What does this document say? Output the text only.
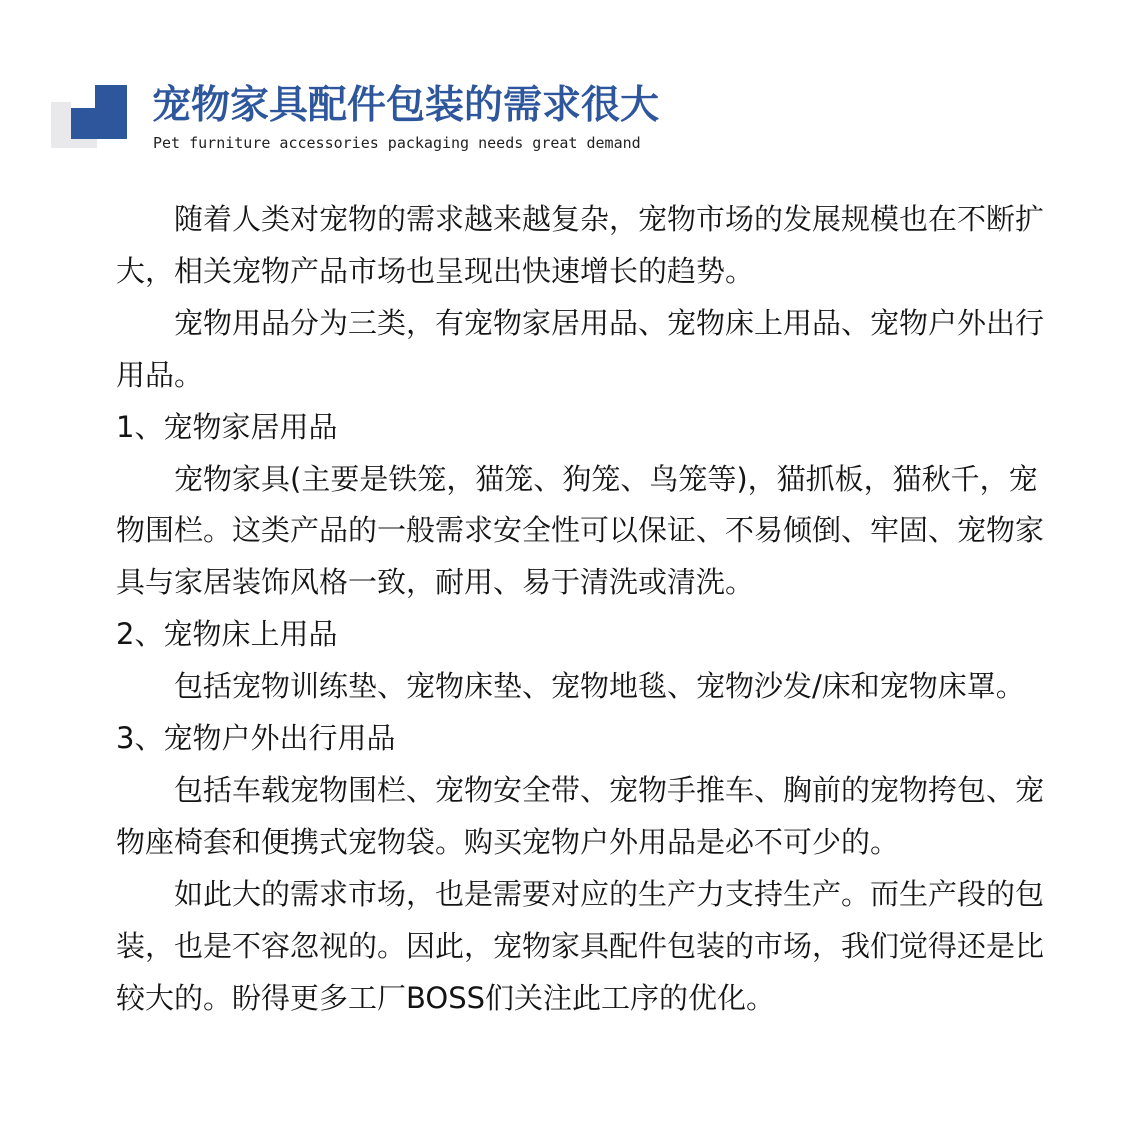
宠物家具配件包装的需求很大
Pet furniture accessories packaging needs great demand

随着人类对宠物的需求越来越复杂，宠物市场的发展规模也在不断扩大，相关宠物产品市场也呈现出快速增长的趋势。

宠物用品分为三类，有宠物家居用品、宠物床上用品、宠物户外出行用品。

1、宠物家居用品

宠物家具(主要是铁笼，猫笼、狗笼、鸟笼等)，猫抓板，猫秋千，宠物围栏。这类产品的一般需求安全性可以保证、不易倾倒、牢固、宠物家具与家居装饰风格一致，耐用、易于清洗或清洗。

2、宠物床上用品

包括宠物训练垫、宠物床垫、宠物地毯、宠物沙发/床和宠物床罩。

3、宠物户外出行用品

包括车载宠物围栏、宠物安全带、宠物手推车、胸前的宠物挎包、宠物座椅套和便携式宠物袋。购买宠物户外用品是必不可少的。

如此大的需求市场，也是需要对应的生产力支持生产。而生产段的包装，也是不容忽视的。因此，宠物家具配件包装的市场，我们觉得还是比较大的。盼得更多工厂BOSS们关注此工序的优化。
